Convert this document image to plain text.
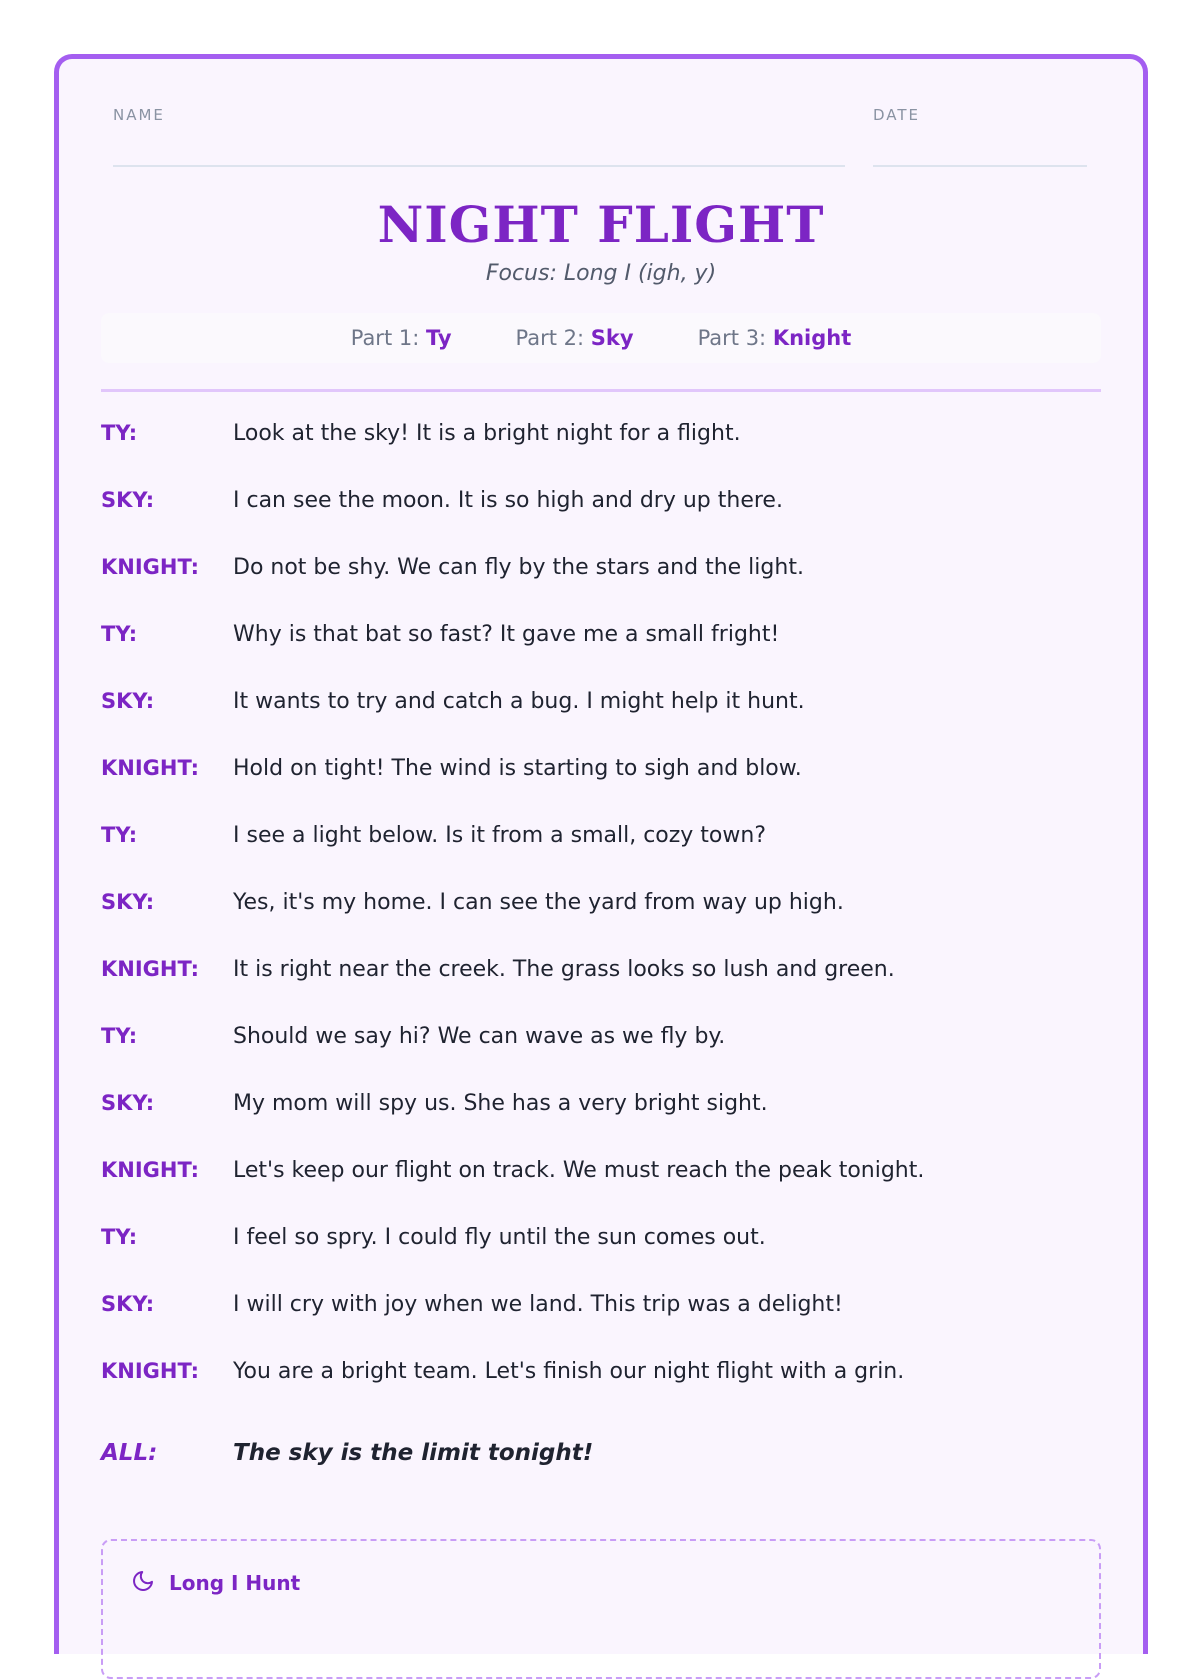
NAME	DATE
NIGHT FLIGHT
Focus: Long I (igh, y)
Part 1: Ty	Part 2: Sky	Part 3: Knight
TY:	Look at the sky! It is a bright night for a flight.
SKY:	I can see the moon. It is so high and dry up there.
KNIGHT:	Do not be shy. We can fly by the stars and the light.
TY:	Why is that bat so fast? It gave me a small fright!
SKY:	It wants to try and catch a bug. I might help it hunt.
KNIGHT:	Hold on tight! The wind is starting to sigh and blow.
TY:	I see a light below. Is it from a small, cozy town?
SKY:	Yes, it's my home. I can see the yard from way up high.
KNIGHT:	It is right near the creek. The grass looks so lush and green.
TY:	Should we say hi? We can wave as we fly by.
SKY:	My mom will spy us. She has a very bright sight.
KNIGHT:	Let's keep our flight on track. We must reach the peak tonight.
TY:	I feel so spry. I could fly until the sun comes out.
SKY:	I will cry with joy when we land. This trip was a delight!
KNIGHT:	You are a bright team. Let's finish our night flight with a grin.
ALL:	The sky is the limit tonight!
Long I Hunt
